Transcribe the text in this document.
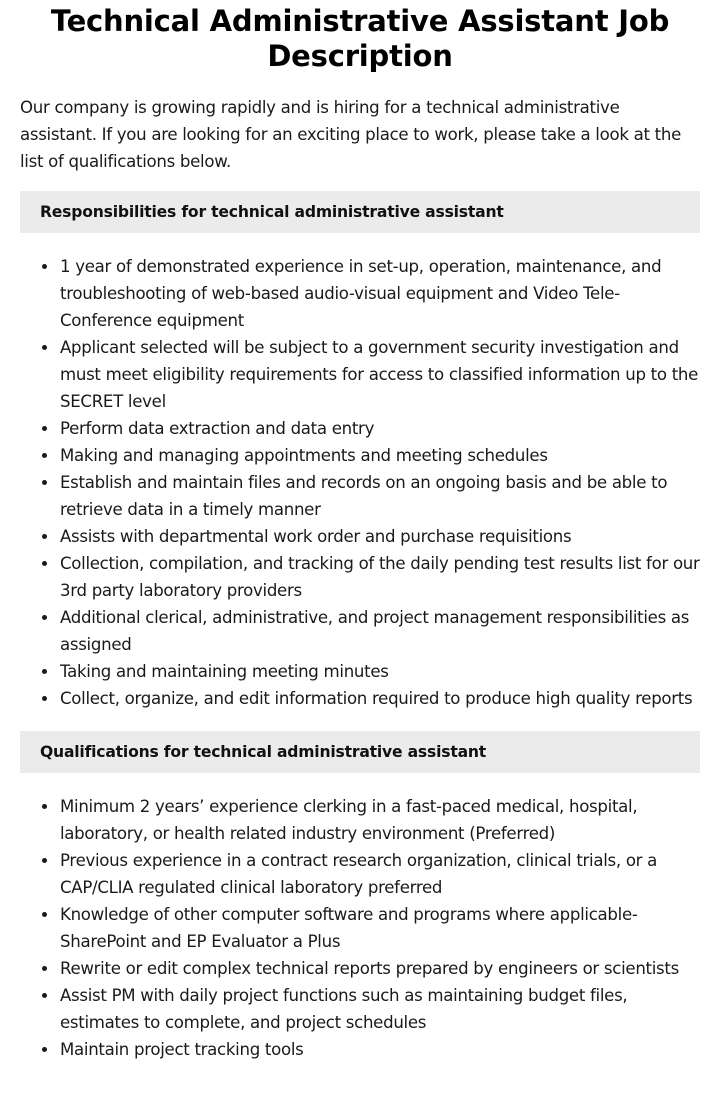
Technical Administrative Assistant Job Description

Our company is growing rapidly and is hiring for a technical administrative assistant. If you are looking for an exciting place to work, please take a look at the list of qualifications below.

Responsibilities for technical administrative assistant
1 year of demonstrated experience in set-up, operation, maintenance, and troubleshooting of web-based audio-visual equipment and Video Tele-Conference equipment
Applicant selected will be subject to a government security investigation and must meet eligibility requirements for access to classified information up to the SECRET level
Perform data extraction and data entry
Making and managing appointments and meeting schedules
Establish and maintain files and records on an ongoing basis and be able to retrieve data in a timely manner
Assists with departmental work order and purchase requisitions
Collection, compilation, and tracking of the daily pending test results list for our 3rd party laboratory providers
Additional clerical, administrative, and project management responsibilities as assigned
Taking and maintaining meeting minutes
Collect, organize, and edit information required to produce high quality reports
Qualifications for technical administrative assistant
Minimum 2 years’ experience clerking in a fast-paced medical, hospital, laboratory, or health related industry environment (Preferred)
Previous experience in a contract research organization, clinical trials, or a CAP/CLIA regulated clinical laboratory preferred
Knowledge of other computer software and programs where applicable-SharePoint and EP Evaluator a Plus
Rewrite or edit complex technical reports prepared by engineers or scientists
Assist PM with daily project functions such as maintaining budget files, estimates to complete, and project schedules
Maintain project tracking tools
